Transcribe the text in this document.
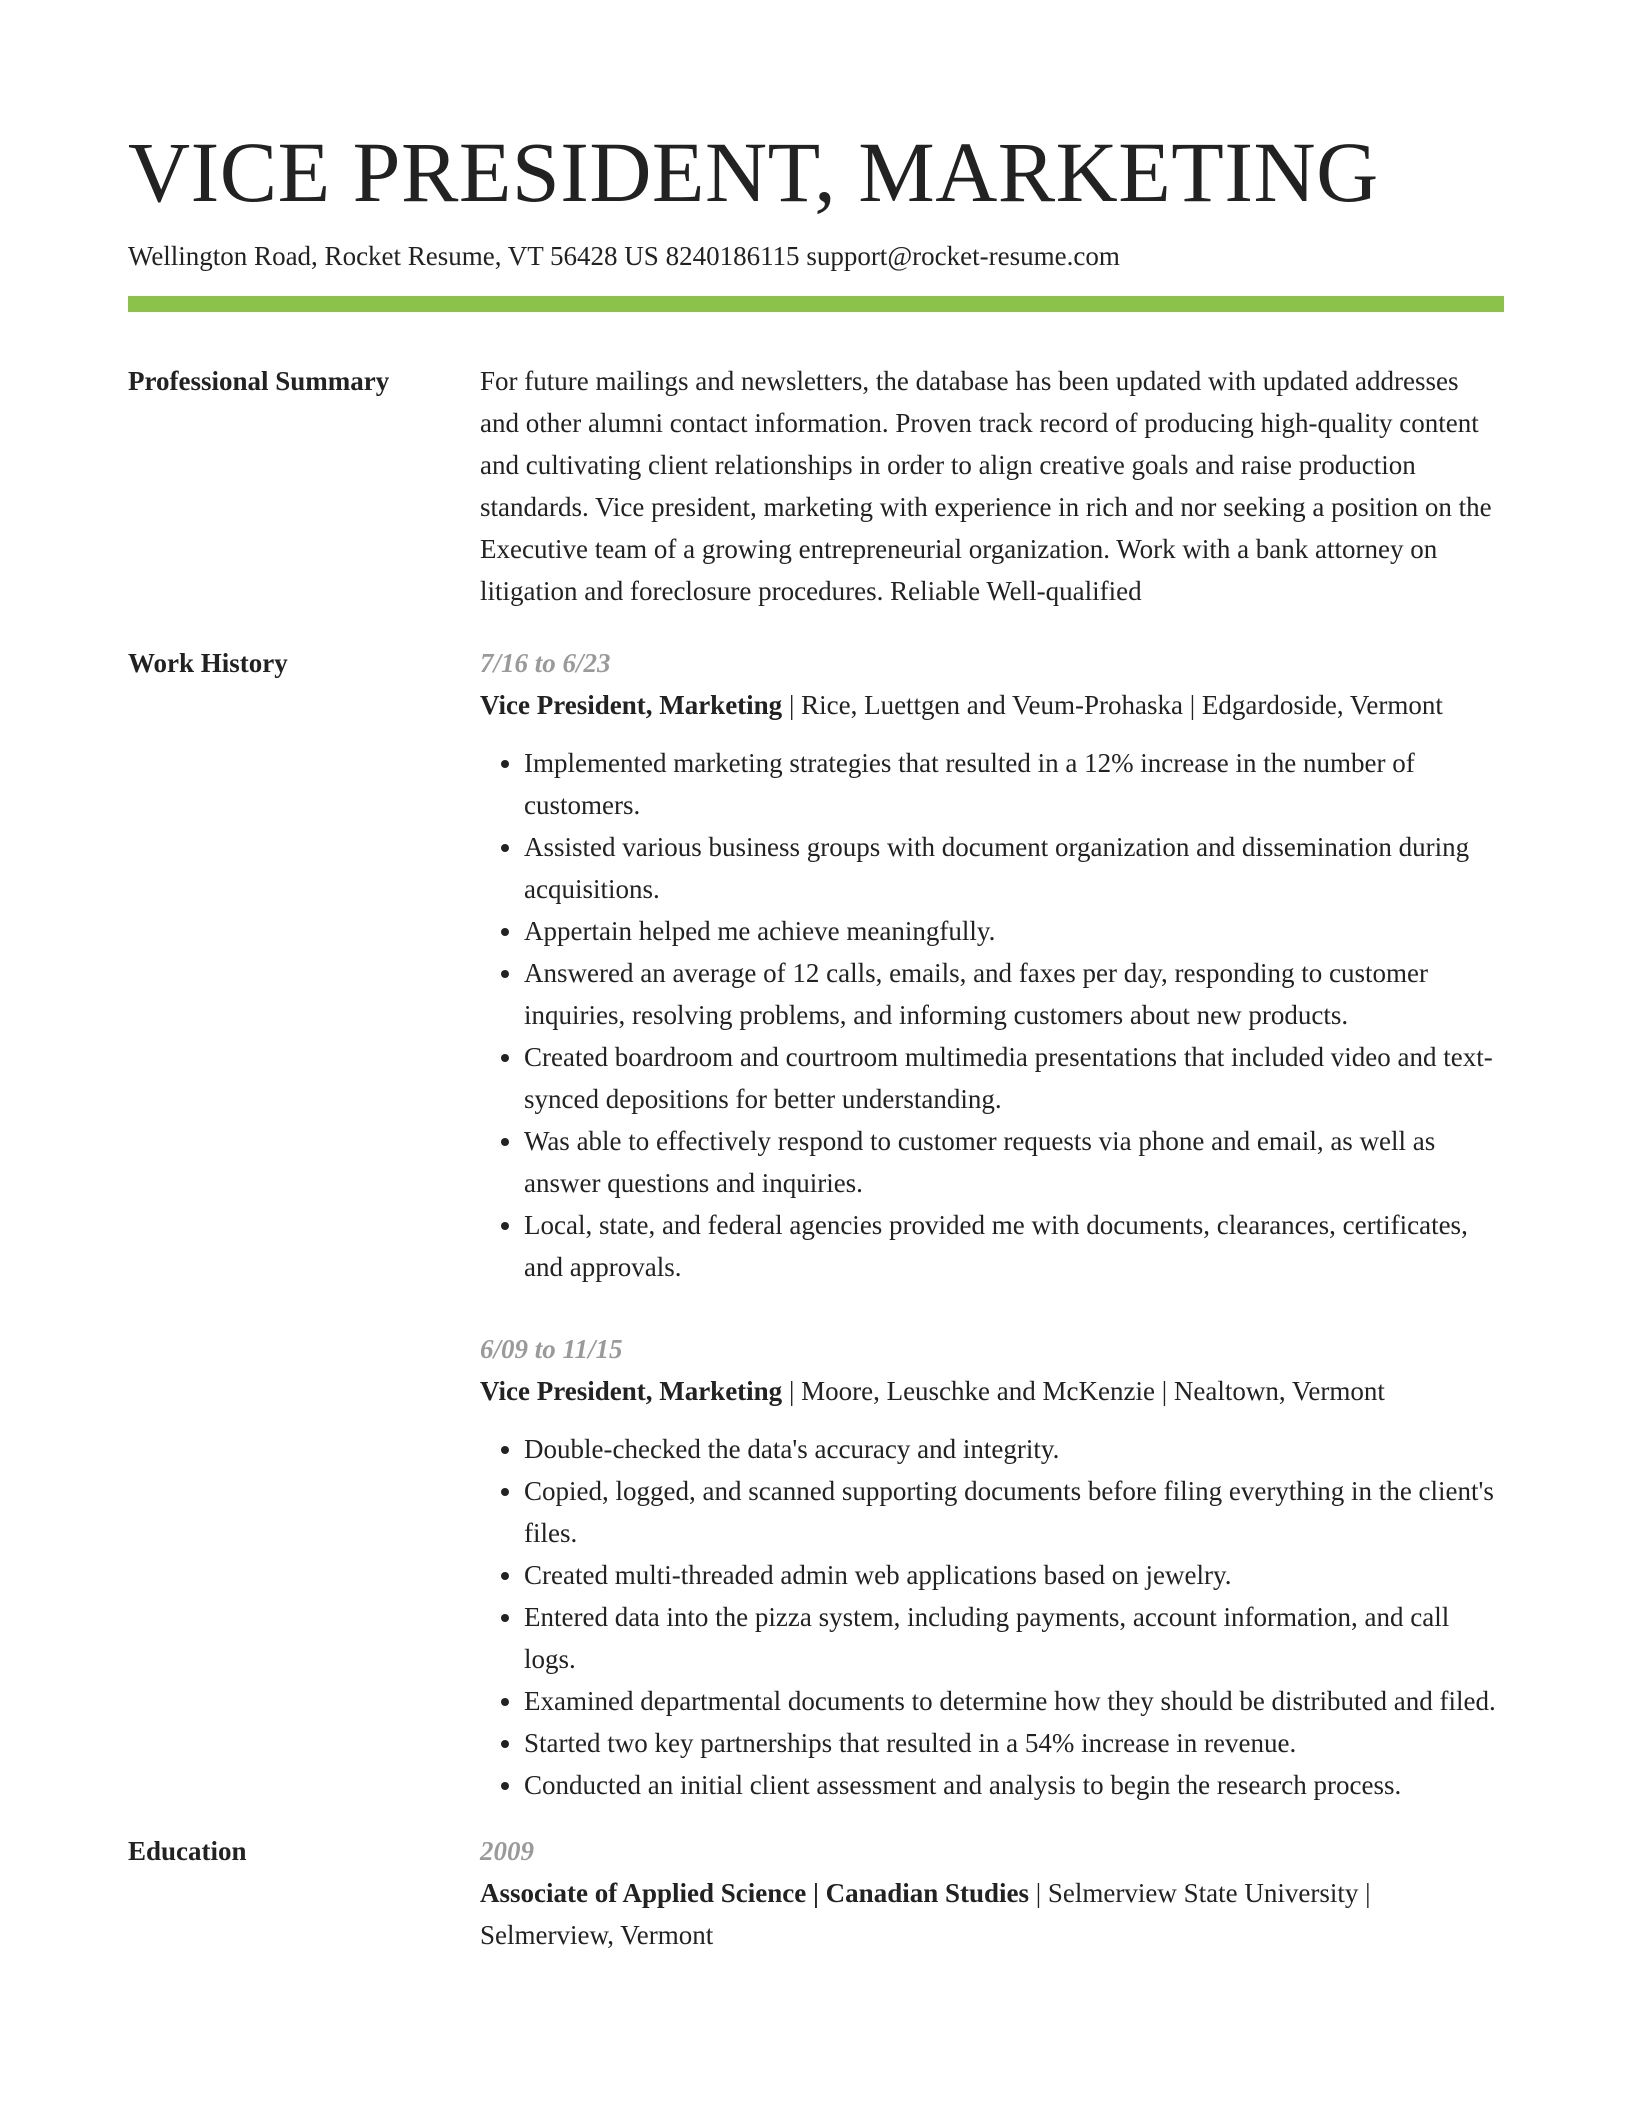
VICE PRESIDENT, MARKETING
Wellington Road, Rocket Resume, VT 56428 US 8240186115 support@rocket-resume.com
Professional Summary	For future mailings and newsletters, the database has been updated with updated addresses and other alumni contact information. Proven track record of producing high-quality content and cultivating client relationships in order to align creative goals and raise production standards. Vice president, marketing with experience in rich and nor seeking a position on the Executive team of a growing entrepreneurial organization. Work with a bank attorney on litigation and foreclosure procedures. Reliable Well-qualified
Work History	7/16 to 6/23
Vice President, Marketing | Rice, Luettgen and Veum-Prohaska | Edgardoside, Vermont
• Implemented marketing strategies that resulted in a 12% increase in the number of customers.
• Assisted various business groups with document organization and dissemination during acquisitions.
• Appertain helped me achieve meaningfully.
• Answered an average of 12 calls, emails, and faxes per day, responding to customer inquiries, resolving problems, and informing customers about new products.
• Created boardroom and courtroom multimedia presentations that included video and text-synced depositions for better understanding.
• Was able to effectively respond to customer requests via phone and email, as well as answer questions and inquiries.
• Local, state, and federal agencies provided me with documents, clearances, certificates, and approvals.
6/09 to 11/15
Vice President, Marketing | Moore, Leuschke and McKenzie | Nealtown, Vermont
• Double-checked the data's accuracy and integrity.
• Copied, logged, and scanned supporting documents before filing everything in the client's files.
• Created multi-threaded admin web applications based on jewelry.
• Entered data into the pizza system, including payments, account information, and call logs.
• Examined departmental documents to determine how they should be distributed and filed.
• Started two key partnerships that resulted in a 54% increase in revenue.
• Conducted an initial client assessment and analysis to begin the research process.
Education	2009
Associate of Applied Science | Canadian Studies | Selmerview State University | Selmerview, Vermont
